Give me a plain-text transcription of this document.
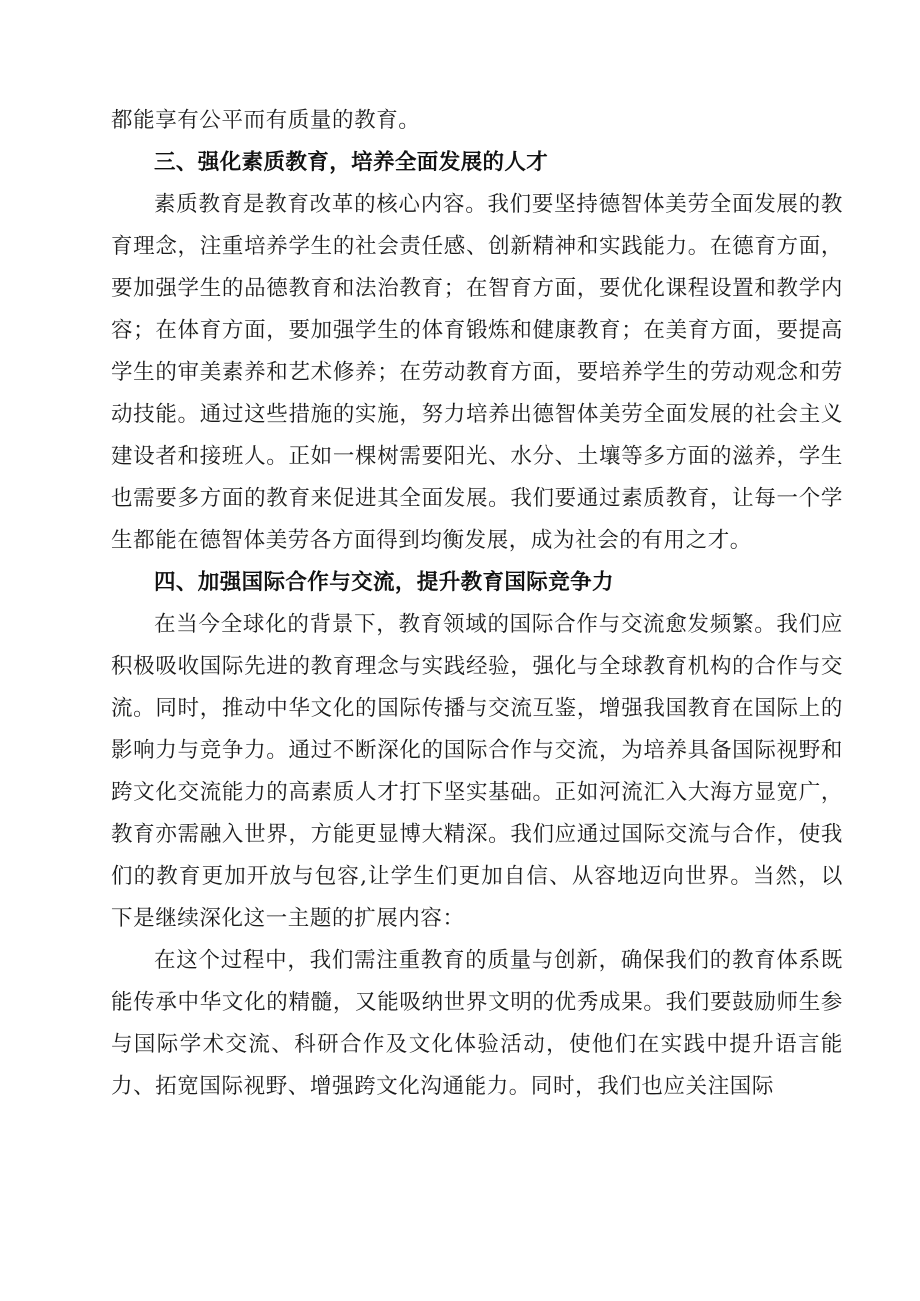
都能享有公平而有质量的教育。

三、强化素质教育，培养全面发展的人才

素质教育是教育改革的核心内容。我们要坚持德智体美劳全面发展的教育理念，注重培养学生的社会责任感、创新精神和实践能力。在德育方面，要加强学生的品德教育和法治教育；在智育方面，要优化课程设置和教学内容；在体育方面，要加强学生的体育锻炼和健康教育；在美育方面，要提高学生的审美素养和艺术修养；在劳动教育方面，要培养学生的劳动观念和劳动技能。通过这些措施的实施，努力培养出德智体美劳全面发展的社会主义建设者和接班人。正如一棵树需要阳光、水分、土壤等多方面的滋养，学生也需要多方面的教育来促进其全面发展。我们要通过素质教育，让每一个学生都能在德智体美劳各方面得到均衡发展，成为社会的有用之才。

四、加强国际合作与交流，提升教育国际竞争力

在当今全球化的背景下，教育领域的国际合作与交流愈发频繁。我们应积极吸收国际先进的教育理念与实践经验，强化与全球教育机构的合作与交流。同时，推动中华文化的国际传播与交流互鉴，增强我国教育在国际上的影响力与竞争力。通过不断深化的国际合作与交流，为培养具备国际视野和跨文化交流能力的高素质人才打下坚实基础。正如河流汇入大海方显宽广，教育亦需融入世界，方能更显博大精深。我们应通过国际交流与合作，使我们的教育更加开放与包容,让学生们更加自信、从容地迈向世界。当然，以下是继续深化这一主题的扩展内容：

在这个过程中，我们需注重教育的质量与创新，确保我们的教育体系既能传承中华文化的精髓，又能吸纳世界文明的优秀成果。我们要鼓励师生参与国际学术交流、科研合作及文化体验活动，使他们在实践中提升语言能力、拓宽国际视野、增强跨文化沟通能力。同时，我们也应关注国际
